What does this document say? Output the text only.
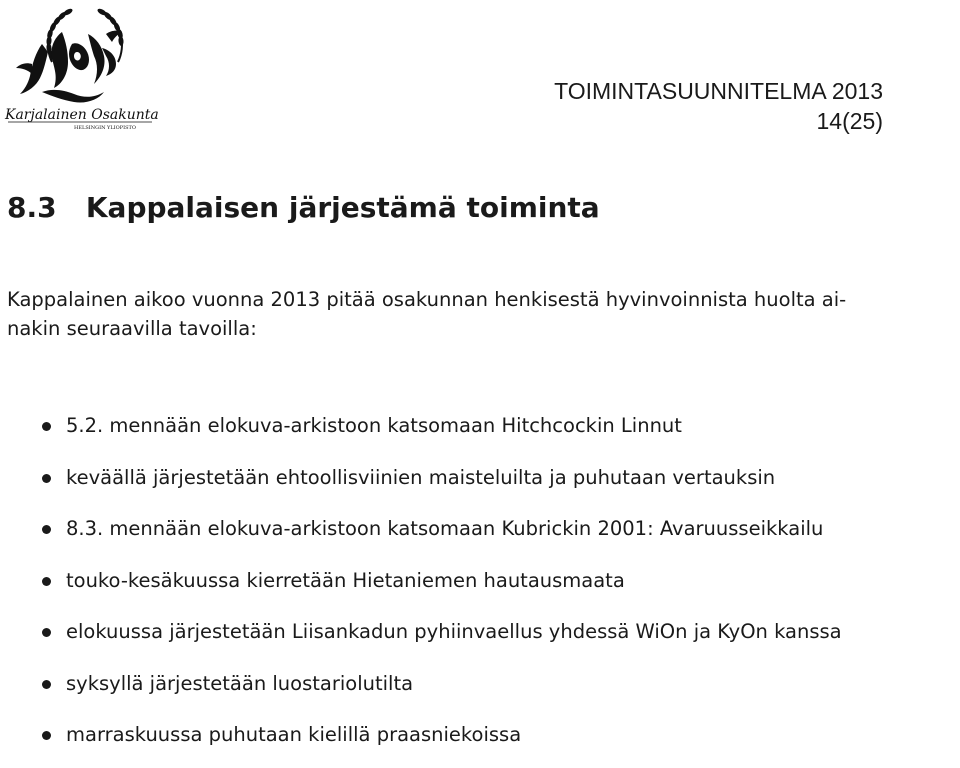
Karjalainen Osakunta
HELSINGIN YLIOPISTO
TOIMINTASUUNNITELMA 2013
14(25)
8.3   Kappalaisen järjestämä toiminta
Kappalainen aikoo vuonna 2013 pitää osakunnan henkisestä hyvinvoinnista huolta ai-
nakin seuraavilla tavoilla:
5.2. mennään elokuva-arkistoon katsomaan Hitchcockin Linnut
keväällä järjestetään ehtoollisviinien maisteluilta ja puhutaan vertauksin
8.3. mennään elokuva-arkistoon katsomaan Kubrickin 2001: Avaruusseikkailu
touko-kesäkuussa kierretään Hietaniemen hautausmaata
elokuussa järjestetään Liisankadun pyhiinvaellus yhdessä WiOn ja KyOn kanssa
syksyllä järjestetään luostariolutilta
marraskuussa puhutaan kielillä praasniekoissa
